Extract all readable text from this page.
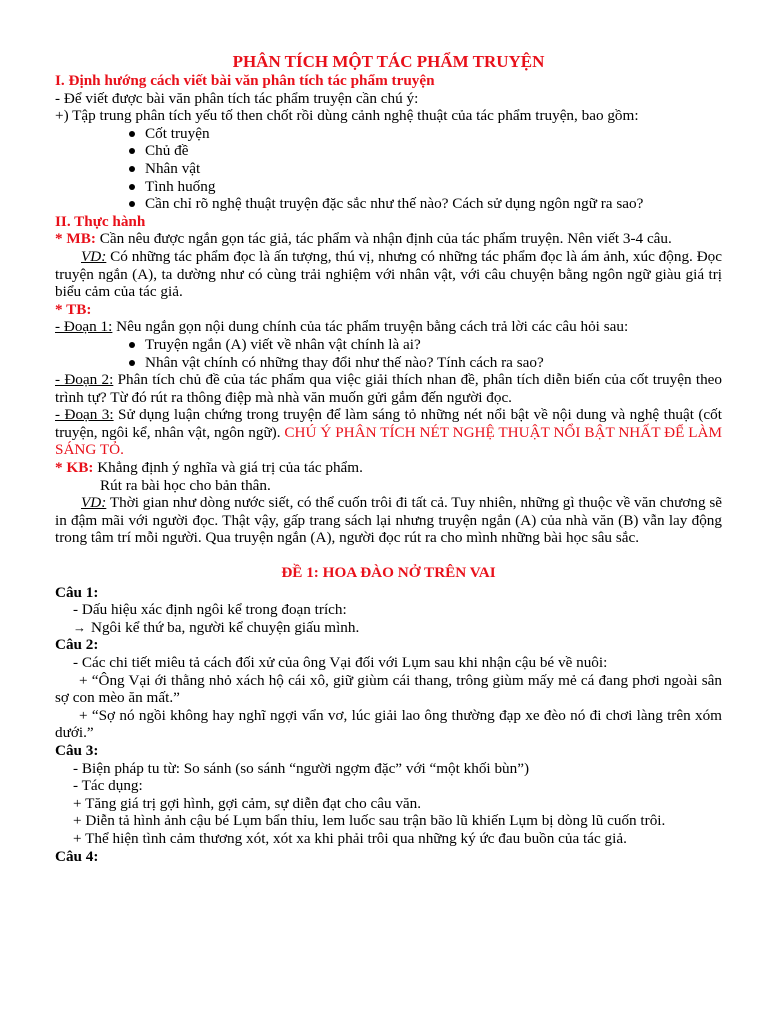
PHÂN TÍCH MỘT TÁC PHẨM TRUYỆN

I. Định hướng cách viết bài văn phân tích tác phẩm truyện

- Để viết được bài văn phân tích tác phẩm truyện cần chú ý:

+) Tập trung phân tích yếu tố then chốt rồi dùng cảnh nghệ thuật của tác phẩm truyện, bao gồm:

Cốt truyện
Chủ đề
Nhân vật
Tình huống
Cần chỉ rõ nghệ thuật truyện đặc sắc như thế nào? Cách sử dụng ngôn ngữ ra sao?

II. Thực hành

* MB: Cần nêu được ngắn gọn tác giả, tác phẩm và nhận định của tác phẩm truyện. Nên viết 3-4 câu.

VD: Có những tác phẩm đọc là ấn tượng, thú vị, nhưng có những tác phẩm đọc là ám ảnh, xúc động. Đọc truyện ngắn (A), ta dường như có cùng trải nghiệm với nhân vật, với câu chuyện bằng ngôn ngữ giàu giá trị biểu cảm của tác giả.

* TB:

- Đoạn 1: Nêu ngắn gọn nội dung chính của tác phẩm truyện bằng cách trả lời các câu hỏi sau:

Truyện ngắn (A) viết về nhân vật chính là ai?
Nhân vật chính có những thay đổi như thế nào? Tính cách ra sao?

- Đoạn 2: Phân tích chủ đề của tác phẩm qua việc giải thích nhan đề, phân tích diễn biến của cốt truyện theo trình tự? Từ đó rút ra thông điệp mà nhà văn muốn gửi gắm đến người đọc.

- Đoạn 3: Sử dụng luận chứng trong truyện để làm sáng tỏ những nét nổi bật về nội dung và nghệ thuật (cốt truyện, ngôi kể, nhân vật, ngôn ngữ). CHÚ Ý PHÂN TÍCH NÉT NGHỆ THUẬT NỔI BẬT NHẤT ĐỂ LÀM SÁNG TỎ.

* KB: Khẳng định ý nghĩa và giá trị của tác phẩm.

Rút ra bài học cho bản thân.

VD: Thời gian như dòng nước siết, có thể cuốn trôi đi tất cả. Tuy nhiên, những gì thuộc về văn chương sẽ in đậm mãi với người đọc. Thật vậy, gấp trang sách lại nhưng truyện ngắn (A) của nhà văn (B) vẫn lay động trong tâm trí mỗi người. Qua truyện ngắn (A), người đọc rút ra cho mình những bài học sâu sắc.

ĐỀ 1: HOA ĐÀO NỞ TRÊN VAI

Câu 1:

- Dấu hiệu xác định ngôi kể trong đoạn trích:

→ Ngôi kể thứ ba, người kể chuyện giấu mình.

Câu 2:

- Các chi tiết miêu tả cách đối xử của ông Vại đối với Lụm sau khi nhận cậu bé về nuôi:

+ “Ông Vại ới thằng nhỏ xách hộ cái xô, giữ giùm cái thang, trông giùm mấy mẻ cá đang phơi ngoài sân sợ con mèo ăn mất.”

+ “Sợ nó ngồi không hay nghĩ ngợi vẩn vơ, lúc giải lao ông thường đạp xe đèo nó đi chơi làng trên xóm dưới.”

Câu 3:

- Biện pháp tu từ: So sánh (so sánh “người ngợm đặc” với “một khối bùn”)

- Tác dụng:

+ Tăng giá trị gợi hình, gợi cảm, sự diễn đạt cho câu văn.

+ Diễn tả hình ảnh cậu bé Lụm bẩn thỉu, lem luốc sau trận bão lũ khiến Lụm bị dòng lũ cuốn trôi.

+ Thể hiện tình cảm thương xót, xót xa khi phải trôi qua những ký ức đau buồn của tác giả.

Câu 4:
